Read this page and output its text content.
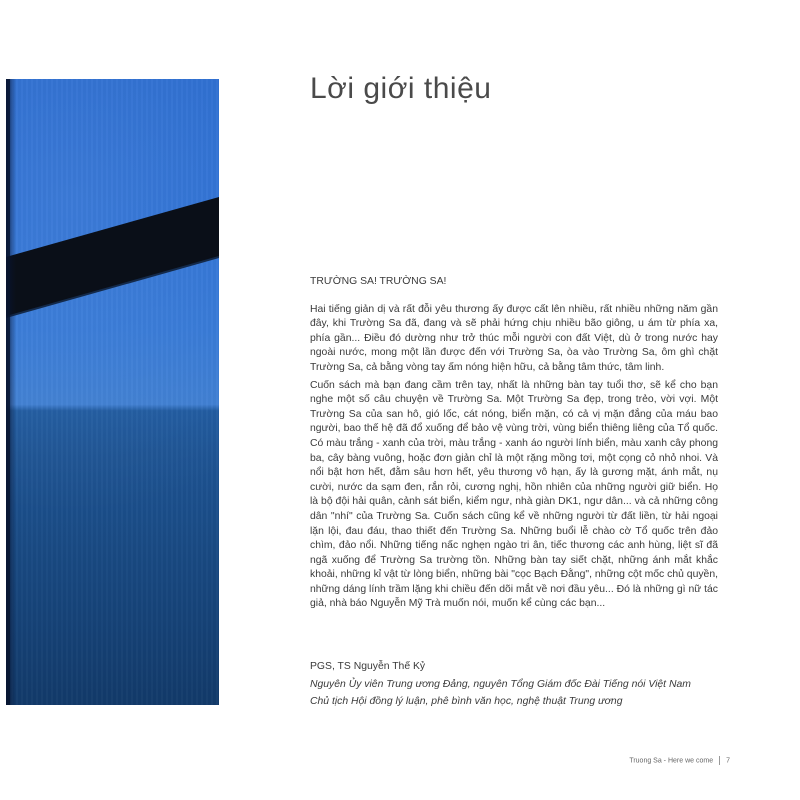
Lời giới thiệu

TRƯỜNG SA! TRƯỜNG SA!

Hai tiếng giản dị và rất đỗi yêu thương ấy được cất lên nhiều, rất nhiều những năm gần đây, khi Trường Sa đã, đang và sẽ phải hứng chịu nhiều bão giông, u ám từ phía xa, phía gần... Điều đó dường như trở thúc mỗi người con đất Việt, dù ở trong nước hay ngoài nước, mong một lần được đến với Trường Sa, òa vào Trường Sa, ôm ghì chặt Trường Sa, cả bằng vòng tay ấm nóng hiện hữu, cả bằng tâm thức, tâm linh.

Cuốn sách mà bạn đang cầm trên tay, nhất là những bàn tay tuổi thơ, sẽ kể cho bạn nghe một số câu chuyện về Trường Sa. Một Trường Sa đẹp, trong trẻo, vời vợi. Một Trường Sa của san hô, gió lốc, cát nóng, biển mặn, có cả vị mặn đắng của máu bao người, bao thế hệ đã đổ xuống để bảo vệ vùng trời, vùng biển thiêng liêng của Tổ quốc. Có màu trắng - xanh của trời, màu trắng - xanh áo người lính biển, màu xanh cây phong ba, cây bàng vuông, hoặc đơn giản chỉ là một rặng mồng tơi, một cọng cỏ nhỏ nhoi. Và nổi bật hơn hết, đằm sâu hơn hết, yêu thương vô hạn, ấy là gương mặt, ánh mắt, nụ cười, nước da sạm đen, rắn rỏi, cương nghị, hồn nhiên của những người giữ biển. Họ là bộ đội hải quân, cảnh sát biển, kiểm ngư, nhà giàn DK1, ngư dân... và cả những công dân "nhí" của Trường Sa. Cuốn sách cũng kể về những người từ đất liền, từ hải ngoại lặn lội, đau đáu, thao thiết đến Trường Sa. Những buổi lễ chào cờ Tổ quốc trên đảo chìm, đảo nổi. Những tiếng nấc nghẹn ngào tri ân, tiếc thương các anh hùng, liệt sĩ đã ngã xuống để Trường Sa trường tồn. Những bàn tay siết chặt, những ánh mắt khắc khoải, những kỉ vật từ lòng biển, những bài "cọc Bạch Đằng", những cột mốc chủ quyền, những dáng lính trầm lặng khi chiều đến dõi mắt về nơi đầu yêu... Đó là những gì nữ tác giả, nhà báo Nguyễn Mỹ Trà muốn nói, muốn kể cùng các bạn...

PGS, TS Nguyễn Thế Kỷ
Nguyên Ủy viên Trung ương Đảng, nguyên Tổng Giám đốc Đài Tiếng nói Việt Nam
Chủ tịch Hội đồng lý luận, phê bình văn học, nghệ thuật Trung ương
Truong Sa - Here we come 7
